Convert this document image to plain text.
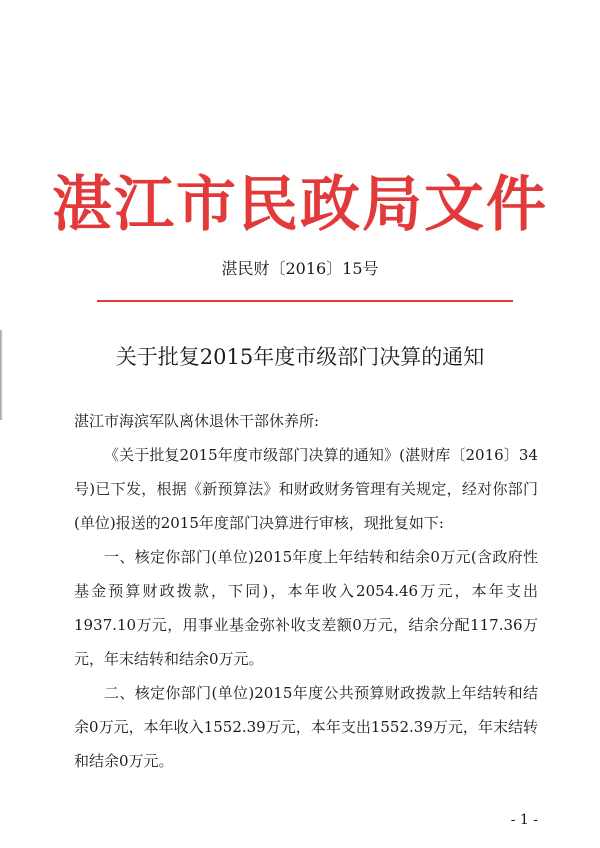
湛江市民政局文件
湛民财〔2016〕15号
关于批复2015年度市级部门决算的通知

湛江市海滨军队离休退休干部休养所:

《关于批复2015年度市级部门决算的通知》(湛财库〔2016〕34号)已下发，根据《新预算法》和财政财务管理有关规定，经对你部门(单位)报送的2015年度部门决算进行审核，现批复如下:

一、核定你部门(单位)2015年度上年结转和结余0万元(含政府性基金预算财政拨款，下同)，本年收入2054.46万元，本年支出1937.10万元，用事业基金弥补收支差额0万元，结余分配117.36万元，年末结转和结余0万元。

二、核定你部门(单位)2015年度公共预算财政拨款上年结转和结余0万元，本年收入1552.39万元，本年支出1552.39万元，年末结转和结余0万元。

- 1 -
